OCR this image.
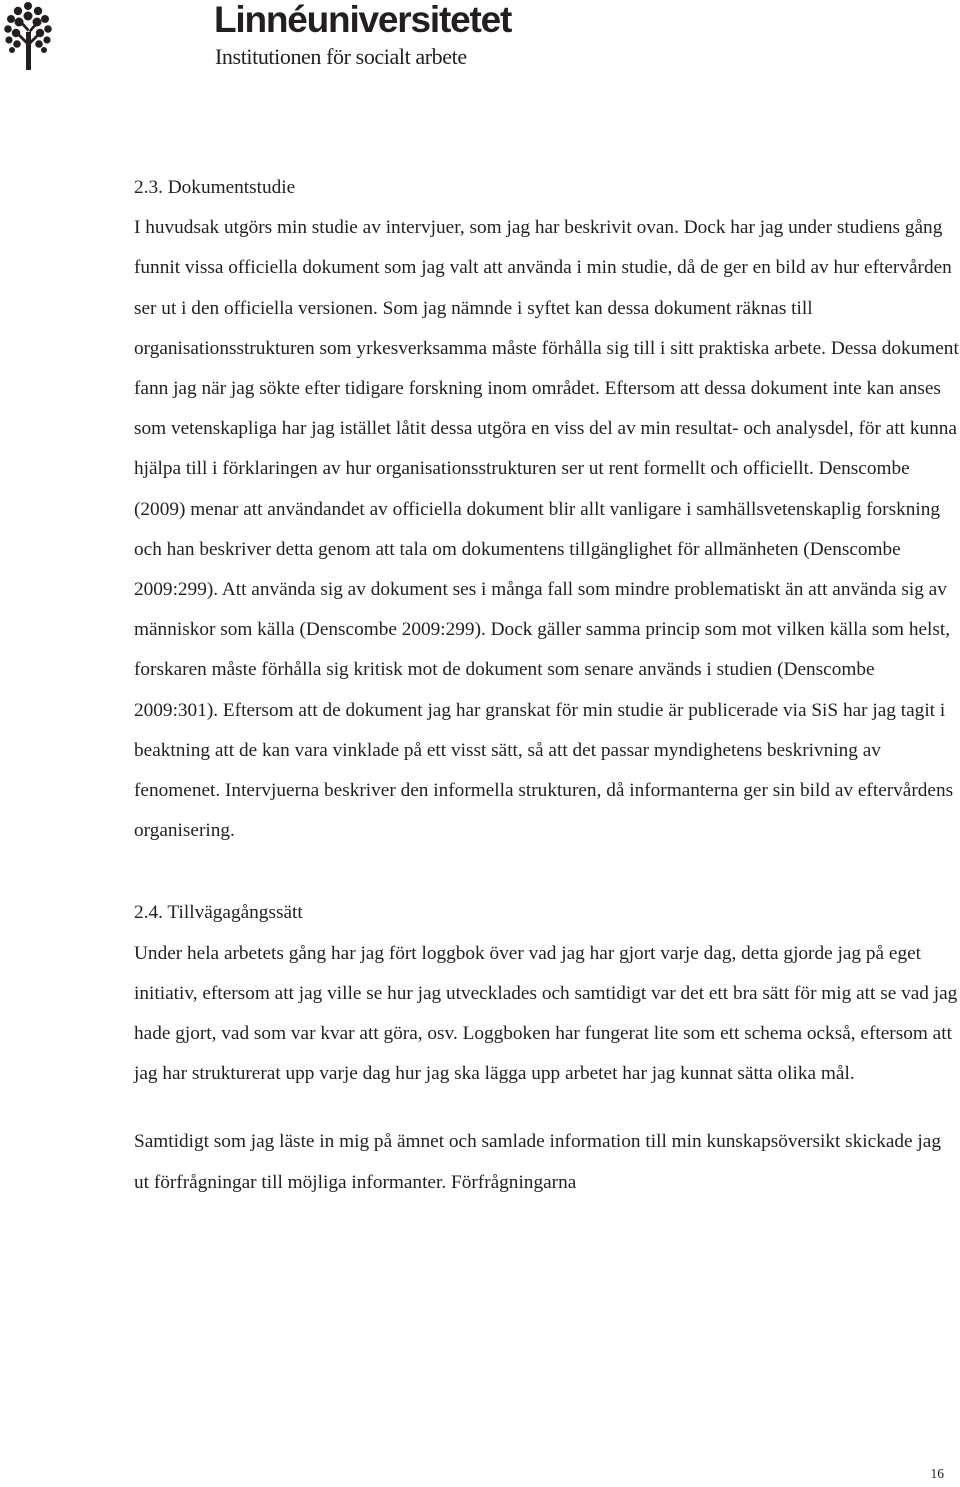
Linnéuniversitetet
Institutionen för socialt arbete
2.3. Dokumentstudie

I huvudsak utgörs min studie av intervjuer, som jag har beskrivit ovan. Dock har jag under studiens gång funnit vissa officiella dokument som jag valt att använda i min studie, då de ger en bild av hur eftervården ser ut i den officiella versionen. Som jag nämnde i syftet kan dessa dokument räknas till organisationsstrukturen som yrkesverksamma måste förhålla sig till i sitt praktiska arbete. Dessa dokument fann jag när jag sökte efter tidigare forskning inom området. Eftersom att dessa dokument inte kan anses som vetenskapliga har jag istället låtit dessa utgöra en viss del av min resultat- och analysdel, för att kunna hjälpa till i förklaringen av hur organisationsstrukturen ser ut rent formellt och officiellt. Denscombe (2009) menar att användandet av officiella dokument blir allt vanligare i samhällsvetenskaplig forskning och han beskriver detta genom att tala om dokumentens tillgänglighet för allmänheten (Denscombe 2009:299). Att använda sig av dokument ses i många fall som mindre problematiskt än att använda sig av människor som källa (Denscombe 2009:299). Dock gäller samma princip som mot vilken källa som helst, forskaren måste förhålla sig kritisk mot de dokument som senare används i studien (Denscombe 2009:301). Eftersom att de dokument jag har granskat för min studie är publicerade via SiS har jag tagit i beaktning att de kan vara vinklade på ett visst sätt, så att det passar myndighetens beskrivning av fenomenet. Intervjuerna beskriver den informella strukturen, då informanterna ger sin bild av eftervårdens organisering.

2.4. Tillvägagångssätt

Under hela arbetets gång har jag fört loggbok över vad jag har gjort varje dag, detta gjorde jag på eget initiativ, eftersom att jag ville se hur jag utvecklades och samtidigt var det ett bra sätt för mig att se vad jag hade gjort, vad som var kvar att göra, osv. Loggboken har fungerat lite som ett schema också, eftersom att jag har strukturerat upp varje dag hur jag ska lägga upp arbetet har jag kunnat sätta olika mål.

Samtidigt som jag läste in mig på ämnet och samlade information till min kunskapsöversikt skickade jag ut förfrågningar till möjliga informanter. Förfrågningarna

16
